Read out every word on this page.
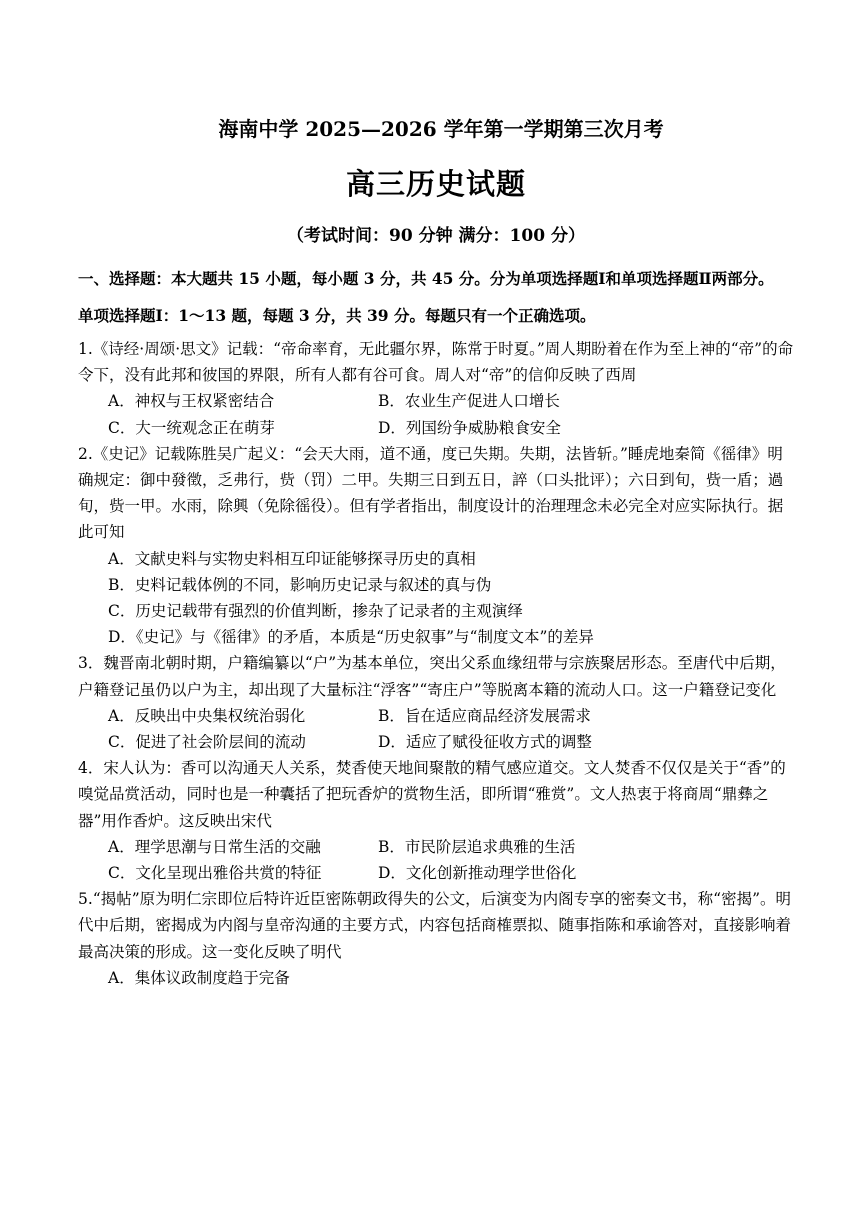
海南中学 2025—2026 学年第一学期第三次月考
高三历史试题
（考试时间：90 分钟 满分：100 分）
一、选择题：本大题共 15 小题，每小题 3 分，共 45 分。分为单项选择题Ⅰ和单项选择题Ⅱ两部分。
单项选择题Ⅰ：1～13 题，每题 3 分，共 39 分。每题只有一个正确选项。
1.《诗经·周颂·思文》记载：“帝命率育，无此疆尔界，陈常于时夏。”周人期盼着在作为至上神的“帝”的命令下，没有此邦和彼国的界限，所有人都有谷可食。周人对“帝”的信仰反映了西周
A．神权与王权紧密结合	B．农业生产促进人口增长
C．大一统观念正在萌芽	D．列国纷争威胁粮食安全
2.《史记》记载陈胜吴广起义：“会天大雨，道不通，度已失期。失期，法皆斩。”睡虎地秦简《徭律》明确规定：御中發徵，乏弗行，赀（罚）二甲。失期三日到五日，誶（口头批评）；六日到旬，赀一盾；過旬，赀一甲。水雨，除興（免除徭役）。但有学者指出，制度设计的治理理念未必完全对应实际执行。据此可知
A．文献史料与实物史料相互印证能够探寻历史的真相
B．史料记载体例的不同，影响历史记录与叙述的真与伪
C．历史记载带有强烈的价值判断，掺杂了记录者的主观演绎
D．《史记》与《徭律》的矛盾，本质是“历史叙事”与“制度文本”的差异
3．魏晋南北朝时期，户籍编纂以“户”为基本单位，突出父系血缘纽带与宗族聚居形态。至唐代中后期，户籍登记虽仍以户为主，却出现了大量标注“浮客”“寄庄户”等脱离本籍的流动人口。这一户籍登记变化
A．反映出中央集权统治弱化	B．旨在适应商品经济发展需求
C．促进了社会阶层间的流动	D．适应了赋役征收方式的调整
4．宋人认为：香可以沟通天人关系，焚香使天地间聚散的精气感应道交。文人焚香不仅仅是关于“香”的嗅觉品赏活动，同时也是一种囊括了把玩香炉的赏物生活，即所谓“雅赏”。文人热衷于将商周“鼎彝之器”用作香炉。这反映出宋代
A．理学思潮与日常生活的交融	B．市民阶层追求典雅的生活
C．文化呈现出雅俗共赏的特征	D．文化创新推动理学世俗化
5.“揭帖”原为明仁宗即位后特许近臣密陈朝政得失的公文，后演变为内阁专享的密奏文书，称“密揭”。明代中后期，密揭成为内阁与皇帝沟通的主要方式，内容包括商榷票拟、随事指陈和承谕答对，直接影响着最高决策的形成。这一变化反映了明代
A．集体议政制度趋于完备
